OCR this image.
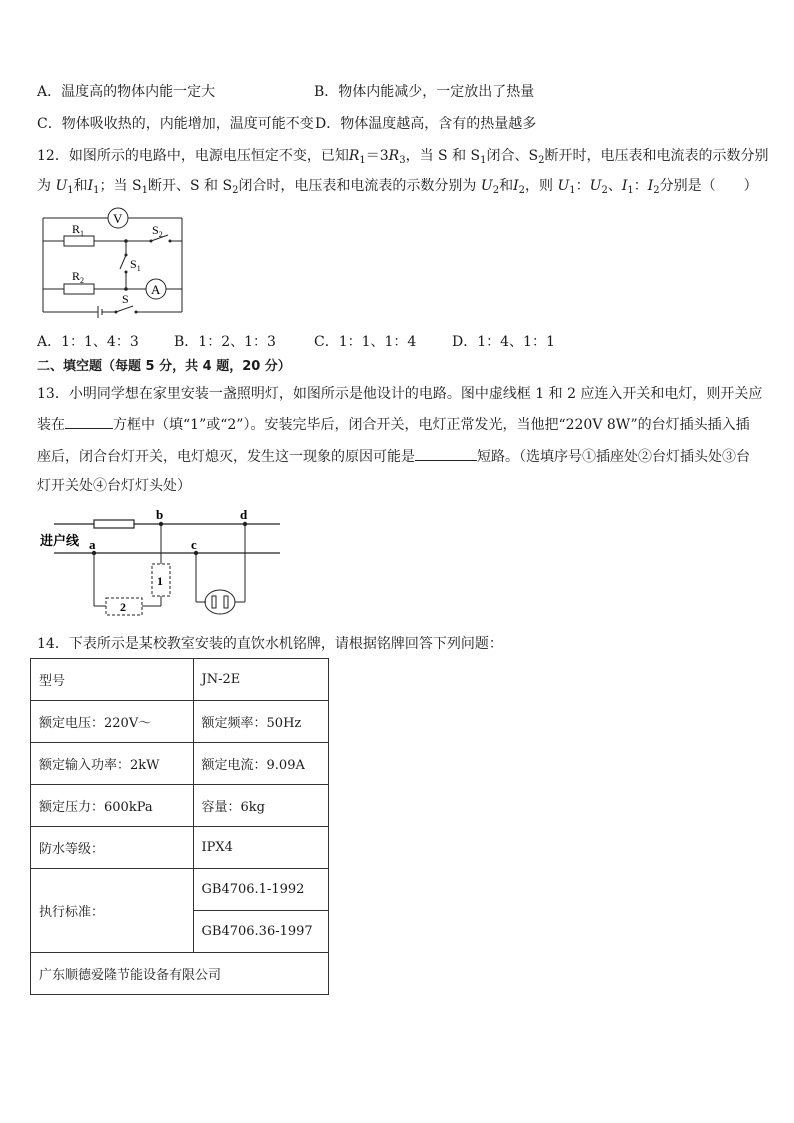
A．温度高的物体内能一定大	B．物体内能减少，一定放出了热量
C．物体吸收热的，内能增加，温度可能不变 D．物体温度越高，含有的热量越多
12．如图所示的电路中，电源电压恒定不变，已知$R_1=3R_3$，当 S 和 $S_1$闭合、$S_2$断开时，电压表和电流表的示数分别
为 $U_1$和$I_1$；当 $S_1$断开、S 和 $S_2$闭合时，电压表和电流表的示数分别为 $U_2$和$I_2$，则 $U_1$：$U_2$、$I_1$：$I_2$分别是（　　）
V
A
$R_1$
$R_2$
$S_2$
$S_1$
S
A．1：1、4：3	B．1：2、1：3	C．1：1、1：4	D．1：4、1：1
二、填空题（每题 5 分，共 4 题，20 分）
13．小明同学想在家里安装一盏照明灯，如图所示是他设计的电路。图中虚线框 1 和 2 应连入开关和电灯，则开关应
装在	方框中（填“1”或“2”）。安装完毕后，闭合开关，电灯正常发光，当他把“220V 8W”的台灯插头插入插
座后，闭合台灯开关，电灯熄灭，发生这一现象的原因可能是	短路。（选填序号①插座处②台灯插头处③台
灯开关处④台灯灯头处）
进户线 a
b
c
d
1
2
14．下表所示是某校教室安装的直饮水机铭牌，请根据铭牌回答下列问题：
型号	JN-2E
额定电压：220V～	额定频率：50Hz
额定输入功率：2kW	额定电流：9.09A
额定压力：600kPa	容量：6kg
防水等级：	IPX4
执行标准：	GB4706.1-1992
	GB4706.36-1997
广东顺德爱隆节能设备有限公司	
